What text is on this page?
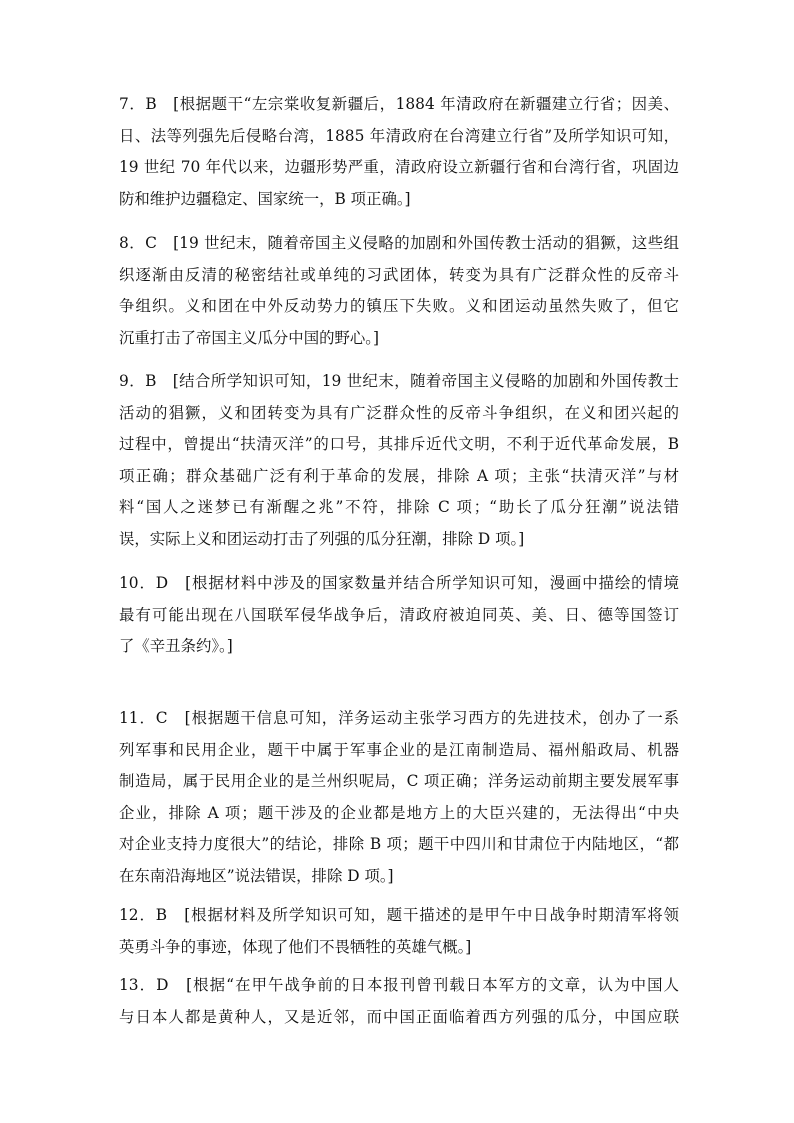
7．B　[根据题干“左宗棠收复新疆后，1884 年清政府在新疆建立行省；因美、
日、法等列强先后侵略台湾，1885 年清政府在台湾建立行省”及所学知识可知，
19 世纪 70 年代以来，边疆形势严重，清政府设立新疆行省和台湾行省，巩固边
防和维护边疆稳定、国家统一，B 项正确。]
8．C　[19 世纪末，随着帝国主义侵略的加剧和外国传教士活动的猖獗，这些组
织逐渐由反清的秘密结社或单纯的习武团体，转变为具有广泛群众性的反帝斗
争组织。义和团在中外反动势力的镇压下失败。义和团运动虽然失败了，但它
沉重打击了帝国主义瓜分中国的野心。]
9．B　[结合所学知识可知，19 世纪末，随着帝国主义侵略的加剧和外国传教士
活动的猖獗，义和团转变为具有广泛群众性的反帝斗争组织，在义和团兴起的
过程中，曾提出“扶清灭洋”的口号，其排斥近代文明，不利于近代革命发展，B
项正确；群众基础广泛有利于革命的发展，排除 A 项；主张“扶清灭洋”与材
料“国人之迷梦已有渐醒之兆”不符，排除 C 项；“助长了瓜分狂潮”说法错
误，实际上义和团运动打击了列强的瓜分狂潮，排除 D 项。]
10．D　[根据材料中涉及的国家数量并结合所学知识可知，漫画中描绘的情境
最有可能出现在八国联军侵华战争后，清政府被迫同英、美、日、德等国签订
了《辛丑条约》。]
11．C　[根据题干信息可知，洋务运动主张学习西方的先进技术，创办了一系
列军事和民用企业，题干中属于军事企业的是江南制造局、福州船政局、机器
制造局，属于民用企业的是兰州织呢局，C 项正确；洋务运动前期主要发展军事
企业，排除 A 项；题干涉及的企业都是地方上的大臣兴建的，无法得出“中央
对企业支持力度很大”的结论，排除 B 项；题干中四川和甘肃位于内陆地区，“都
在东南沿海地区”说法错误，排除 D 项。]
12．B　[根据材料及所学知识可知，题干描述的是甲午中日战争时期清军将领
英勇斗争的事迹，体现了他们不畏牺牲的英雄气概。]
13．D　[根据“在甲午战争前的日本报刊曾刊载日本军方的文章，认为中国人
与日本人都是黄种人，又是近邻，而中国正面临着西方列强的瓜分，中国应联
